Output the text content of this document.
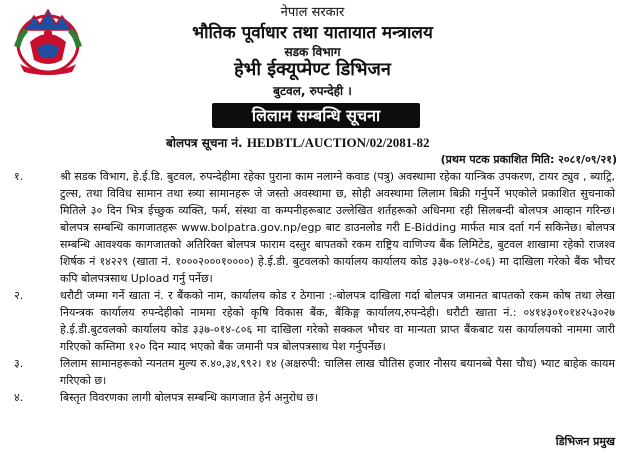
नेपाल सरकार
भौतिक पूर्वाधार तथा यातायात मन्त्रालय
सडक विभाग
हेभी ईक्यूप्मेण्ट डिभिजन
बुटवल, रुपन्देही ।
लिलाम सम्बन्धि सूचना
बोलपत्र सूचना नं. HEDBTL/AUCTION/02/2081-82
(प्रथम पटक प्रकाशित मिति: २०८१/०९/२१)
१.	श्री सडक विभाग, हे.ई.डि. बुटवल, रुपन्देहीमा रहेका पुराना काम नलाग्ने कवाड (पत्रु) अवस्थामा रहेका यान्त्रिक उपकरण, टायर ट्युव , ब्याट्रि, टुल्स, तथा विविध सामान तथा स्त्र्या सामानहरू जे जस्तो अवस्थामा छ, सोही अवस्थामा लिलाम बिक्री गर्नुपर्ने भएकोले प्रकाशित सुचनाको मितिले ३० दिन भित्र ईच्छुक व्यक्ति, फर्म, संस्था वा कम्पनीहरूबाट उल्लेखित शर्तहरूको अधिनमा रही सिलबन्दी बोलपत्र आव्हान गरिन्छ। बोलपत्र सम्बन्धि कागजातहरू www.bolpatra.gov.np/egp बाट डाउनलोड गरी E-Bidding मार्फत मात्र दर्ता गर्न सकिनेछ। बोलपत्र सम्बन्धि आवश्यक कागजातको अतिरिक्त बोलपत्र फाराम दस्तुर बापतको रकम राष्ट्रिय वाणिज्य बैंक लिमिटेड, बुटवल शाखामा रहेको राजश्व शिर्षक नं १४२२९ (खाता नं. १०००२०००१००००) हे.ई.डी. बुटवलको कार्यालय कार्यालय कोड ३३७-०१४-८०६) मा दाखिला गरेको बैंक भौचर कपि बोलपत्रसाथ Upload गर्नु पर्नेछ।
२.	धरौटी जम्मा गर्ने खाता नं. र बैंकको नाम, कार्यालय कोड र ठेगाना :-बोलपत्र दाखिला गर्दा बोलपत्र जमानत बापतको रकम कोष तथा लेखा नियन्त्रक कार्यालय रुपन्देहीको नाममा रहेको कृषि विकास बैंक, बैंकिङ्ग कार्यालय,रुपन्देही। धरौटी खाता नं.: ०४१४३०१०१४२५३०२७ हे.ई.डी.बुटवलको कार्यालय कोड ३३७-०१४-८०६ मा दाखिला गरेको सक्कल भौचर वा मान्यता प्राप्त बैंकबाट यस कार्यालयको नाममा जारी गरिएको कम्तिमा १२० दिन म्याद भएको बैंक जमानी पत्र बोलपत्रसाथ पेश गर्नुपर्नेछ।
३.	लिलाम सामानहरूको न्यनतम मुल्य रु.४०,३४,९९२। १४ (अक्षरुपी: चालिस लाख चौतिस हजार नौसय बयानब्बे पैसा चौध) भ्याट बाहेक कायम गरिएको छ।
४.	बिस्तृत विवरणका लागी बोलपत्र सम्बन्धि कागजात हेर्न अनुरोध छ।
डिभिजन प्रमुख
